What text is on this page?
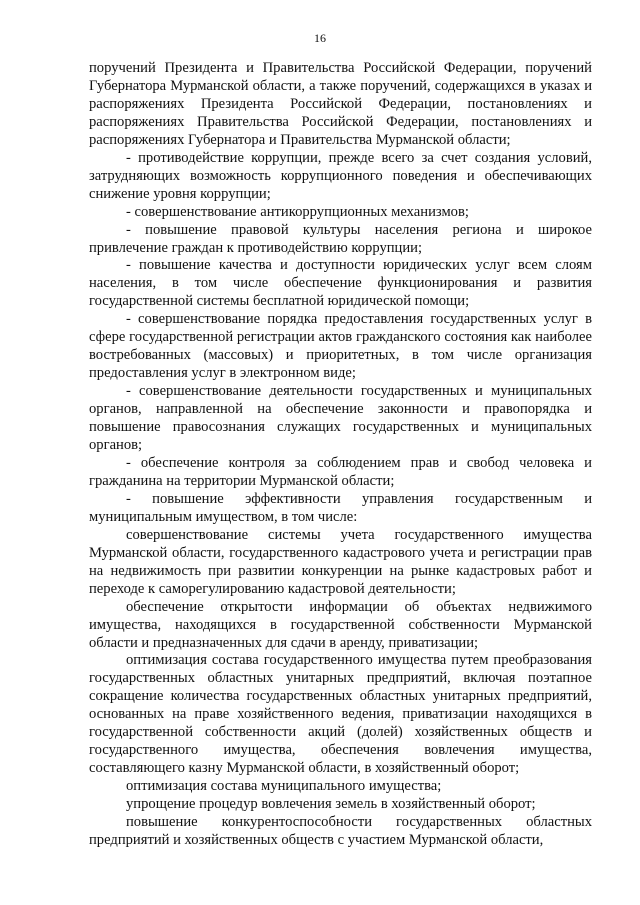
16

поручений Президента и Правительства Российской Федерации, поручений Губернатора Мурманской области, а также поручений, содержащихся в указах и распоряжениях Президента Российской Федерации, постановлениях и распоряжениях Правительства Российской Федерации, постановлениях и распоряжениях Губернатора и Правительства Мурманской области;

- противодействие коррупции, прежде всего за счет создания условий, затрудняющих возможность коррупционного поведения и обеспечивающих снижение уровня коррупции;

- совершенствование антикоррупционных механизмов;

- повышение правовой культуры населения региона и широкое привлечение граждан к противодействию коррупции;

- повышение качества и доступности юридических услуг всем слоям населения, в том числе обеспечение функционирования и развития государственной системы бесплатной юридической помощи;

- совершенствование порядка предоставления государственных услуг в сфере государственной регистрации актов гражданского состояния как наиболее востребованных (массовых) и приоритетных, в том числе организация предоставления услуг в электронном виде;

- совершенствование деятельности государственных и муниципальных органов, направленной на обеспечение законности и правопорядка и повышение правосознания служащих государственных и муниципальных органов;

- обеспечение контроля за соблюдением прав и свобод человека и гражданина на территории Мурманской области;

- повышение эффективности управления государственным и муниципальным имуществом, в том числе:

совершенствование системы учета государственного имущества Мурманской области, государственного кадастрового учета и регистрации прав на недвижимость при развитии конкуренции на рынке кадастровых работ и переходе к саморегулированию кадастровой деятельности;

обеспечение открытости информации об объектах недвижимого имущества, находящихся в государственной собственности Мурманской области и предназначенных для сдачи в аренду, приватизации;

оптимизация состава государственного имущества путем преобразования государственных областных унитарных предприятий, включая поэтапное сокращение количества государственных областных унитарных предприятий, основанных на праве хозяйственного ведения, приватизации находящихся в государственной собственности акций (долей) хозяйственных обществ и государственного имущества, обеспечения вовлечения имущества, составляющего казну Мурманской области, в хозяйственный оборот;

оптимизация состава муниципального имущества;

упрощение процедур вовлечения земель в хозяйственный оборот;

повышение конкурентоспособности государственных областных предприятий и хозяйственных обществ с участием Мурманской области,
